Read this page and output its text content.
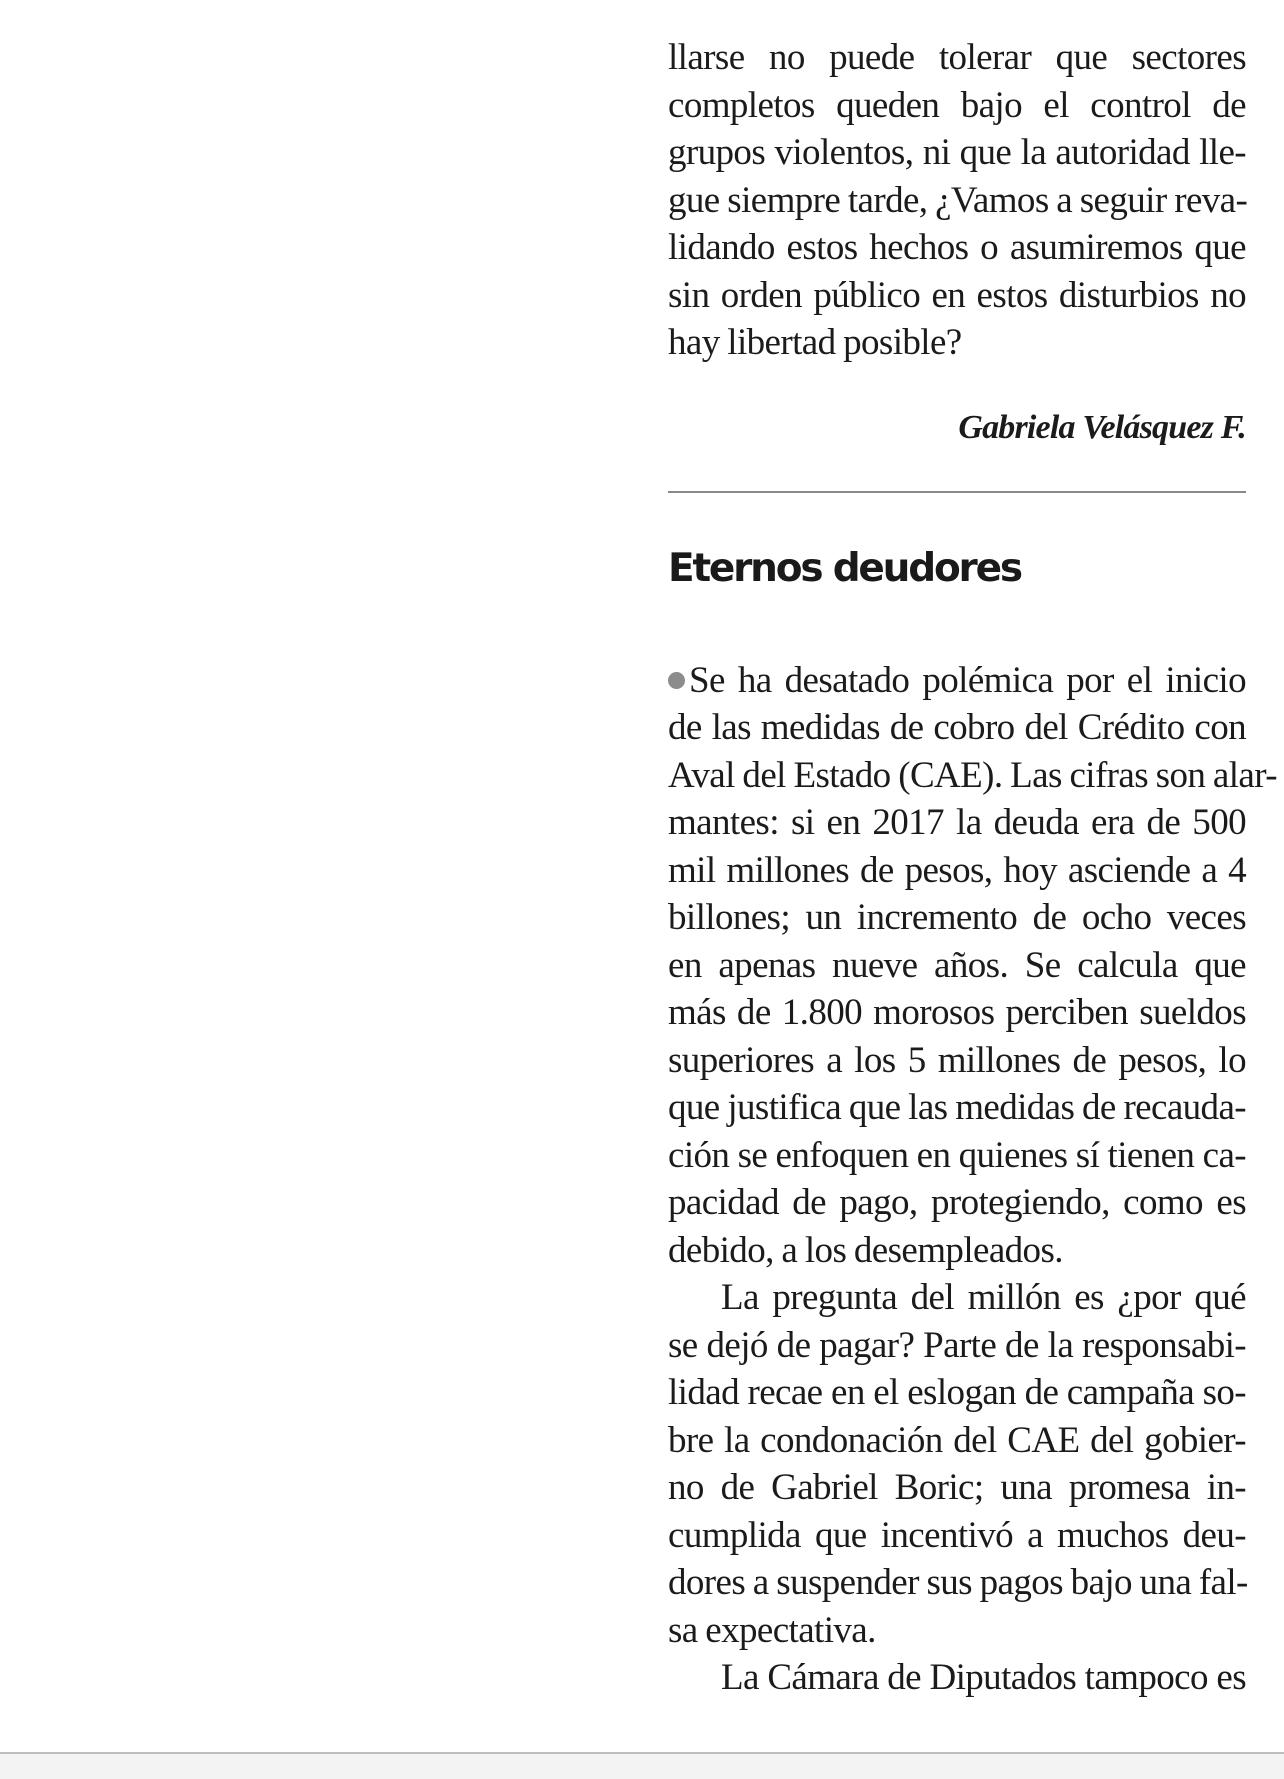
llarse no puede tolerar que sectores
completos queden bajo el control de
grupos violentos, ni que la autoridad lle-
gue siempre tarde, ¿Vamos a seguir reva-
lidando estos hechos o asumiremos que
sin orden público en estos disturbios no
hay libertad posible?
Gabriela Velásquez F.
Eternos deudores
Se ha desatado polémica por el inicio
de las medidas de cobro del Crédito con
Aval del Estado (CAE). Las cifras son alar-
mantes: si en 2017 la deuda era de 500
mil millones de pesos, hoy asciende a 4
billones; un incremento de ocho veces
en apenas nueve años. Se calcula que
más de 1.800 morosos perciben sueldos
superiores a los 5 millones de pesos, lo
que justifica que las medidas de recauda-
ción se enfoquen en quienes sí tienen ca-
pacidad de pago, protegiendo, como es
debido, a los desempleados.
La pregunta del millón es ¿por qué
se dejó de pagar? Parte de la responsabi-
lidad recae en el eslogan de campaña so-
bre la condonación del CAE del gobier-
no de Gabriel Boric; una promesa in-
cumplida que incentivó a muchos deu-
dores a suspender sus pagos bajo una fal-
sa expectativa.
La Cámara de Diputados tampoco es
